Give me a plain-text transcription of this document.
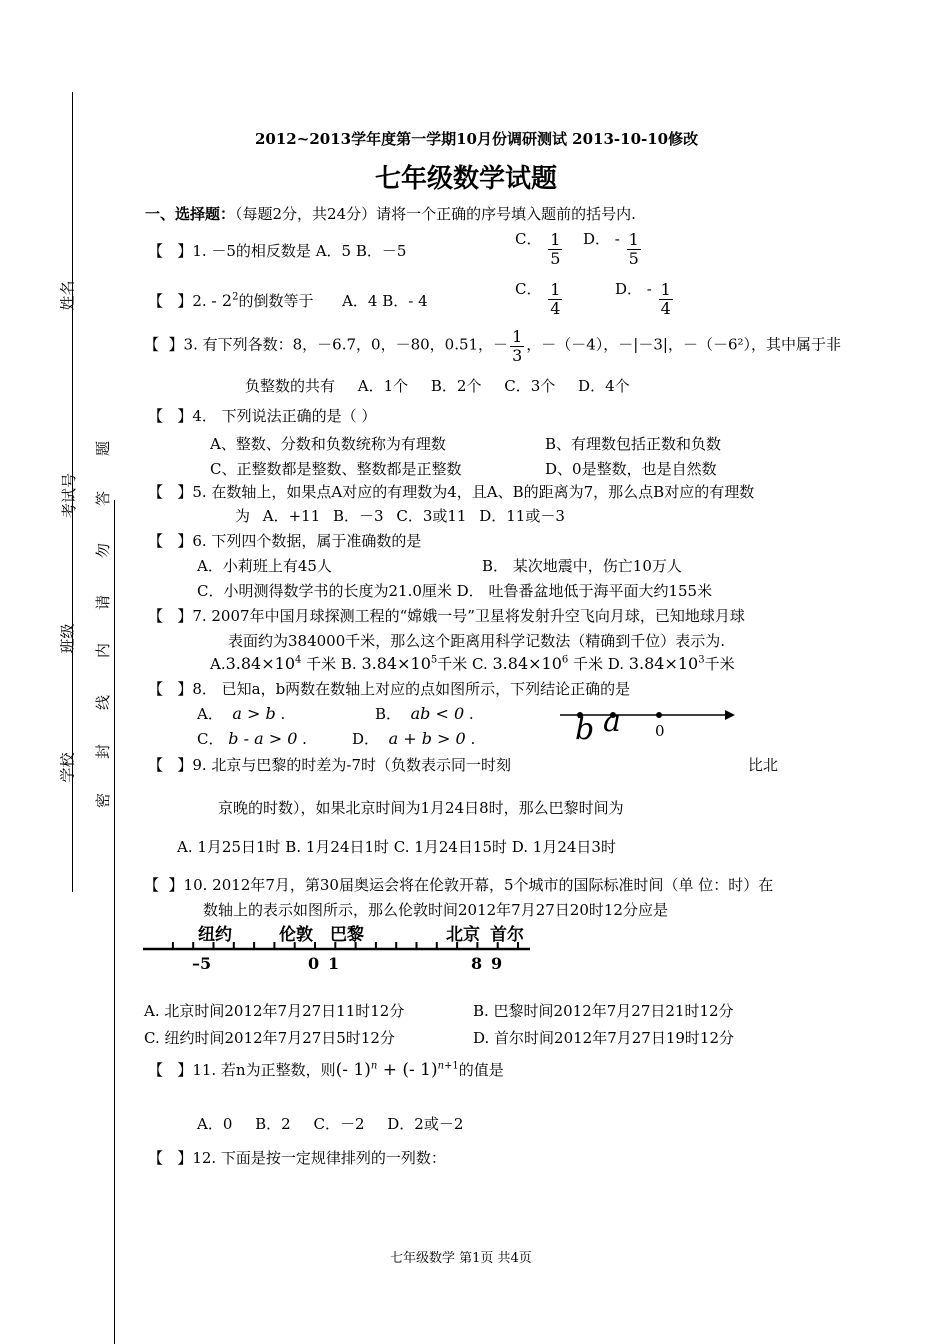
姓名
考试号
班级
学校
题
答
勿
请
内
线
封
密
2012~2013学年度第一学期10月份调研测试 2013-10-10修改
七年级数学试题
一、选择题：（每题2分，共24分）请将一个正确的序号填入题前的括号内.
【   】1. －5的相反数是 A．5 B．－5
C． $\frac{1}{5}$ D． - $\frac{1}{5}$
【   】2. - $2^2$的倒数等于 A．4 B．- 4
C． $\frac{1}{4}$	D． - $\frac{1}{4}$
【  】3. 有下列各数：8，－6.7，0，－80，0.51，－ $\frac{1}{3}$ ，－（－4），－|－3|，－（－6²），其中属于非
负整数的共有 A．1个 B．2个 C．3个 D．4个
【   】4． 下列说法正确的是（ ）
A、整数、分数和负数统称为有理数	B、有理数包括正数和负数
C、正整数都是整数、整数都是正整数	D、0是整数，也是自然数
【   】5. 在数轴上，如果点A对应的有理数为4，且A、B的距离为7，那么点B对应的有理数
为 A．+11 B．－3 C．3或11 D．11或－3
【   】6. 下列四个数据，属于准确数的是
A．小莉班上有45人	B． 某次地震中，伤亡10万人
C．小明测得数学书的长度为21.0厘米 D． 吐鲁番盆地低于海平面大约155米
【   】7. 2007年中国月球探测工程的“嫦娥一号”卫星将发射升空飞向月球，已知地球月球
表面约为384000千米，那么这个距离用科学记数法（精确到千位）表示为.
$A.3.84\times 10^4$ 千米 B. $3.84\times 10^5$千米 C. $3.84\times 10^6$ 千米 D. $3.84\times 10^3$千米
【   】8． 已知a，b两数在数轴上对应的点如图所示，下列结论正确的是
A． a > b .	B． ab < 0 .
C． b - a > 0 .	D． a + b > 0 .	b a 0
【   】9. 北京与巴黎的时差为-7时（负数表示同一时刻	比北
京晚的时数），如果北京时间为1月24日8时，那么巴黎时间为
A. 1月25日1时 B. 1月24日1时 C. 1月24日15时 D. 1月24日3时
【  】10. 2012年7月，第30届奥运会将在伦敦开幕，5个城市的国际标准时间（单 位：时）在
数轴上的表示如图所示，那么伦敦时间2012年7月27日20时12分应是
纽约	伦敦 巴黎	北京 首尔
–5	0 1	8 9
A. 北京时间2012年7月27日11时12分	B. 巴黎时间2012年7月27日21时12分
C. 纽约时间2012年7月27日5时12分	D. 首尔时间2012年7月27日19时12分
【   】11. 若n为正整数，则(- 1)$^n$ + (- 1)$^{n+1}$的值是
A．0 B．2 C．－2 D．2或－2
【   】12. 下面是按一定规律排列的一列数：
七年级数学 第1页 共4页
